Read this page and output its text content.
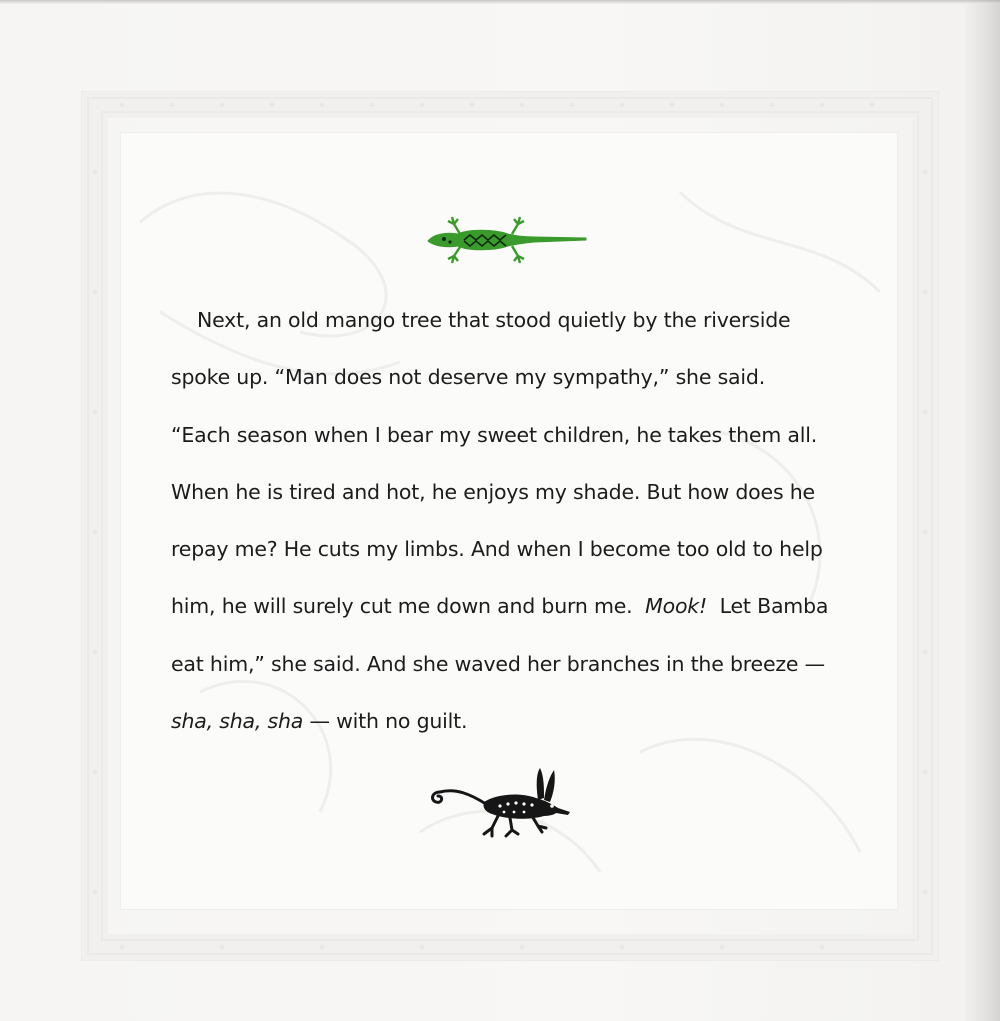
Next, an old mango tree that stood quietly by the riverside
spoke up. “Man does not deserve my sympathy,” she said.
“Each season when I bear my sweet children, he takes them all.
When he is tired and hot, he enjoys my shade. But how does he
repay me? He cuts my limbs. And when I become too old to help
him, he will surely cut me down and burn me.  Mook!  Let Bamba
eat him,” she said. And she waved her branches in the breeze —
sha, sha, sha — with no guilt.
